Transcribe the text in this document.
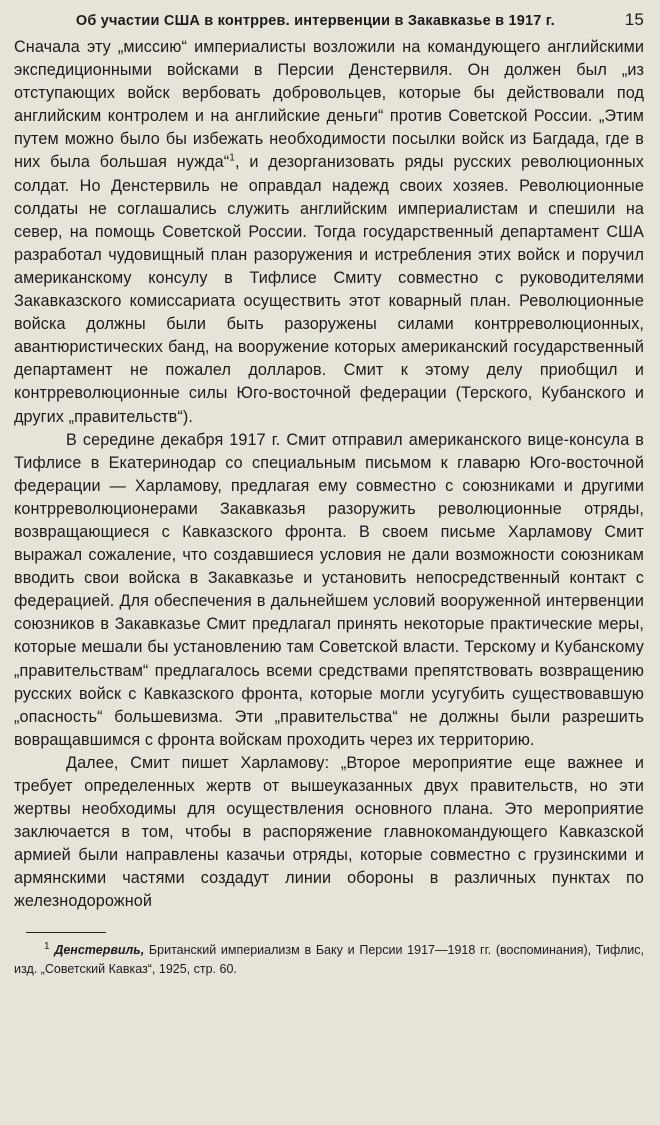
Об участии США в контррев. интервенции в Закавказье в 1917 г.	15

Сначала эту „миссию“ империалисты возложили на командующего английскими экспедиционными войсками в Персии Денстервиля. Он должен был „из отступающих войск вербовать добровольцев, которые бы действовали под английским контролем и на английские деньги“ против Советской России. „Этим путем можно было бы избежать необходимости посылки войск из Багдада, где в них была большая нужда“$^1$, и дезорганизовать ряды русских революционных солдат. Но Денстервиль не оправдал надежд своих хозяев. Революционные солдаты не соглашались служить английским империалистам и спешили на север, на помощь Советской России. Тогда государственный департамент США разработал чудовищный план разоружения и истребления этих войск и поручил американскому консулу в Тифлисе Смиту совместно с руководителями Закавказского комиссариата осуществить этот коварный план. Революционные войска должны были быть разоружены силами контрреволюционных, авантюристических банд, на вооружение которых американский государственный департамент не пожалел долларов. Смит к этому делу приобщил и контрреволюционные силы Юго-восточной федерации (Терского, Кубанского и других „правительств“).

В середине декабря 1917 г. Смит отправил американского вице-консула в Тифлисе в Екатеринодар со специальным письмом к главарю Юго-восточной федерации — Харламову, предлагая ему совместно с союзниками и другими контрреволюционерами Закавказья разоружить революционные отряды, возвращающиеся с Кавказского фронта. В своем письме Харламову Смит выражал сожаление, что создавшиеся условия не дали возможности союзникам вводить свои войска в Закавказье и установить непосредственный контакт с федерацией. Для обеспечения в дальнейшем условий вооруженной интервенции союзников в Закавказье Смит предлагал принять некоторые практические меры, которые мешали бы установлению там Советской власти. Терскому и Кубанскому „правительствам“ предлагалось всеми средствами препятствовать возвращению русских войск с Кавказского фронта, которые могли усугубить существовавшую „опасность“ большевизма. Эти „правительства“ не должны были разрешить вовращавшимся с фронта войскам проходить через их территорию.

Далее, Смит пишет Харламову: „Второе мероприятие еще важнее и требует определенных жертв от вышеуказанных двух правительств, но эти жертвы необходимы для осуществления основного плана. Это мероприятие заключается в том, чтобы в распоряжение главнокомандующего Кавказской армией были направлены казачьи отряды, которые совместно с грузинскими и армянскими частями создадут линии обороны в различных пунктах по железнодорожной

$^1$ Денстервиль, Британский империализм в Баку и Персии 1917—1918 гг. (воспоминания), Тифлис, изд. „Советский Кавказ“, 1925, стр. 60.
